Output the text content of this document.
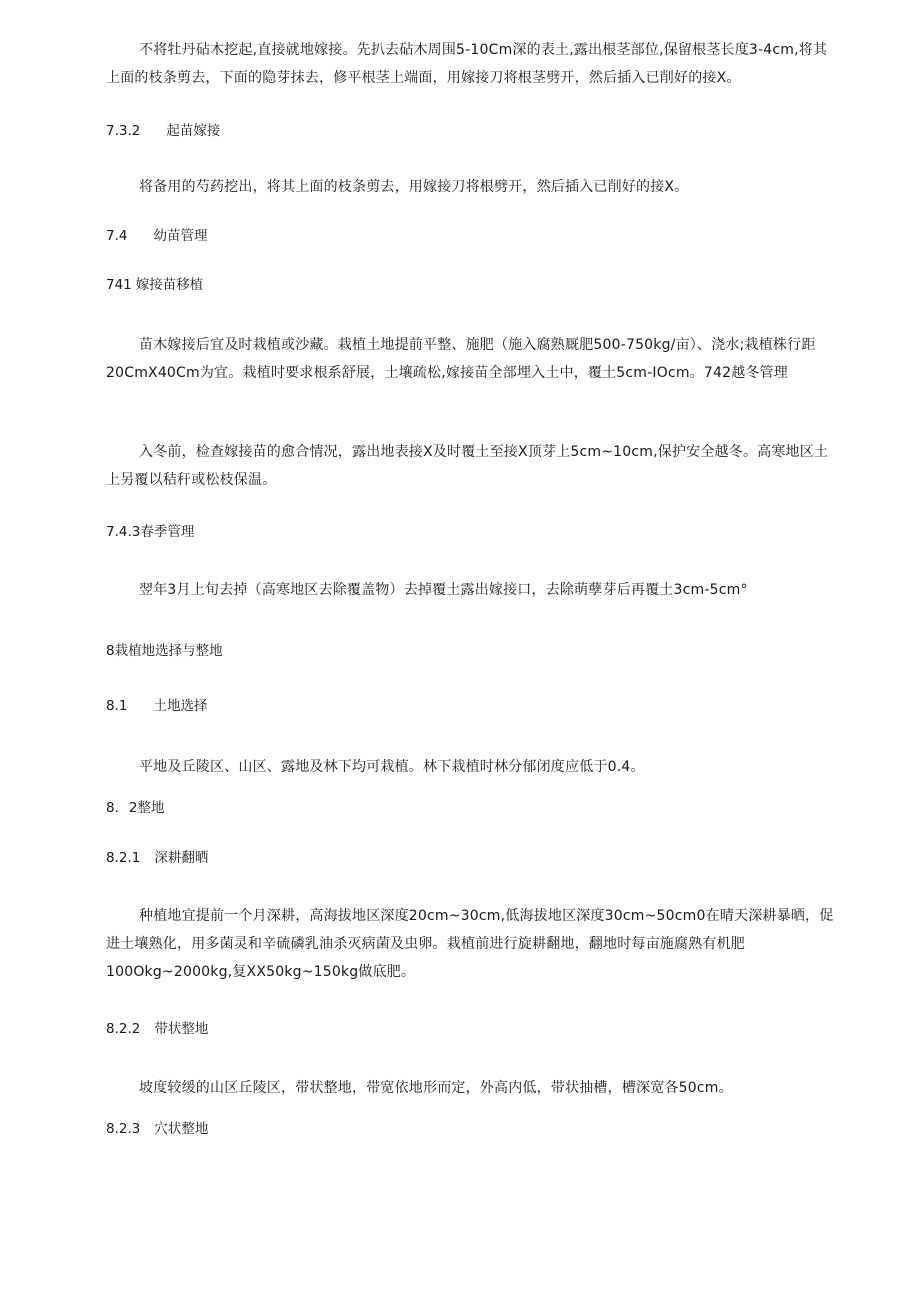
不将牡丹砧木挖起,直接就地嫁接。先扒去砧木周围5-10Cm深的表土,露出根茎部位,保留根茎长度3-4cm,将其上面的枝条剪去，下面的隐芽抹去，修平根茎上端面，用嫁接刀将根茎劈开，然后插入已削好的接X。

7.3.2 起苗嫁接

将备用的芍药挖出，将其上面的枝条剪去，用嫁接刀将根劈开，然后插入已削好的接X。

7.4 幼苗管理
741 嫁接苗移植

苗木嫁接后宜及时栽植或沙藏。栽植土地提前平整、施肥（施入腐熟厩肥500-750kg/亩）、浇水;栽植株行距20CmX40Cm为宜。栽植时要求根系舒展，土壤疏松,嫁接苗全部埋入土中，覆土5cm-IOcm。742越冬管理

入冬前，检查嫁接苗的愈合情况，露出地表接X及时覆土至接X顶芽上5cm~10cm,保护安全越冬。高寒地区土上另覆以秸秆或松枝保温。

7.4.3春季管理

翌年3月上旬去掉（高寒地区去除覆盖物）去掉覆土露出嫁接口，去除萌孽芽后再覆土3cm-5cm°

8栽植地选择与整地
8.1 土地选择

平地及丘陵区、山区、露地及林下均可栽植。林下栽植时林分郁闭度应低于0.4。

8. 2整地
8.2.1 深耕翻晒

种植地宜提前一个月深耕，高海拔地区深度20cm~30cm,低海拔地区深度30cm~50cm0在晴天深耕暴晒，促进土壤熟化，用多菌灵和辛硫磷乳油杀灭病菌及虫卵。栽植前进行旋耕翻地，翻地时每亩施腐熟有机肥100Okg~2000kg,复XX50kg~150kg做底肥。

8.2.2 带状整地

坡度较缓的山区丘陵区，带状整地，带宽依地形而定，外高内低，带状抽槽，槽深宽各50cm。

8.2.3 穴状整地
